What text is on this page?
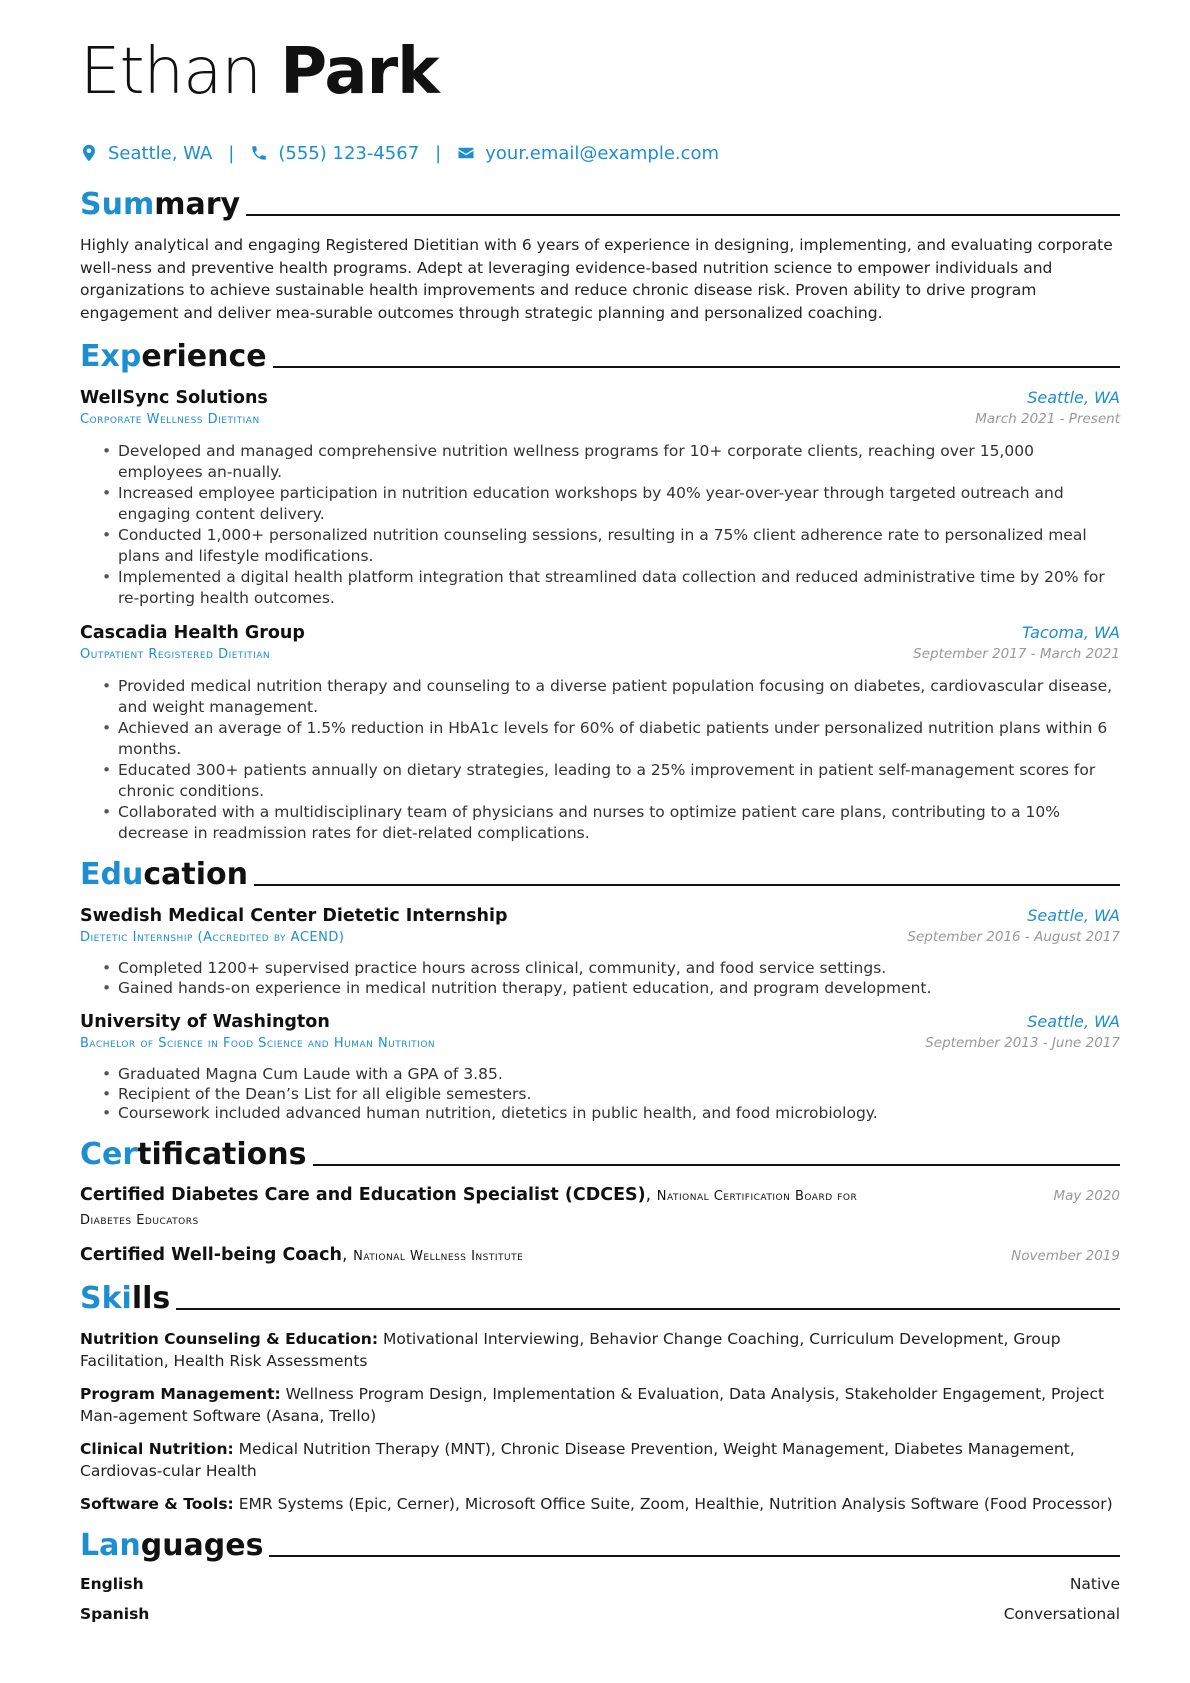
Ethan Park
Seattle, WA | (555) 123-4567 | your.email@example.com
Summary

Highly analytical and engaging Registered Dietitian with 6 years of experience in designing, implementing, and evaluating corporate well-ness and preventive health programs. Adept at leveraging evidence-based nutrition science to empower individuals and organizations to achieve sustainable health improvements and reduce chronic disease risk. Proven ability to drive program engagement and deliver mea-surable outcomes through strategic planning and personalized coaching.

Experience
WellSync Solutions	Seattle, WA
Corporate Wellness Dietitian	March 2021 - Present
• Developed and managed comprehensive nutrition wellness programs for 10+ corporate clients, reaching over 15,000 employees an-nually.
• Increased employee participation in nutrition education workshops by 40% year-over-year through targeted outreach and engaging content delivery.
• Conducted 1,000+ personalized nutrition counseling sessions, resulting in a 75% client adherence rate to personalized meal plans and lifestyle modifications.
• Implemented a digital health platform integration that streamlined data collection and reduced administrative time by 20% for re-porting health outcomes.
Cascadia Health Group	Tacoma, WA
Outpatient Registered Dietitian	September 2017 - March 2021
• Provided medical nutrition therapy and counseling to a diverse patient population focusing on diabetes, cardiovascular disease, and weight management.
• Achieved an average of 1.5% reduction in HbA1c levels for 60% of diabetic patients under personalized nutrition plans within 6 months.
• Educated 300+ patients annually on dietary strategies, leading to a 25% improvement in patient self-management scores for chronic conditions.
• Collaborated with a multidisciplinary team of physicians and nurses to optimize patient care plans, contributing to a 10% decrease in readmission rates for diet-related complications.
Education
Swedish Medical Center Dietetic Internship	Seattle, WA
Dietetic Internship (Accredited by ACEND)	September 2016 - August 2017
• Completed 1200+ supervised practice hours across clinical, community, and food service settings.
• Gained hands-on experience in medical nutrition therapy, patient education, and program development.
University of Washington	Seattle, WA
Bachelor of Science in Food Science and Human Nutrition	September 2013 - June 2017
• Graduated Magna Cum Laude with a GPA of 3.85.
• Recipient of the Dean’s List for all eligible semesters.
• Coursework included advanced human nutrition, dietetics in public health, and food microbiology.
Certifications
Certified Diabetes Care and Education Specialist (CDCES), National Certification Board for Diabetes Educators
May 2020
Certified Well-being Coach, National Wellness Institute	November 2019
Skills

Nutrition Counseling & Education: Motivational Interviewing, Behavior Change Coaching, Curriculum Development, Group Facilitation, Health Risk Assessments

Program Management: Wellness Program Design, Implementation & Evaluation, Data Analysis, Stakeholder Engagement, Project Man-agement Software (Asana, Trello)

Clinical Nutrition: Medical Nutrition Therapy (MNT), Chronic Disease Prevention, Weight Management, Diabetes Management, Cardiovas-cular Health

Software & Tools: EMR Systems (Epic, Cerner), Microsoft Office Suite, Zoom, Healthie, Nutrition Analysis Software (Food Processor)

Languages
English	Native
Spanish	Conversational
